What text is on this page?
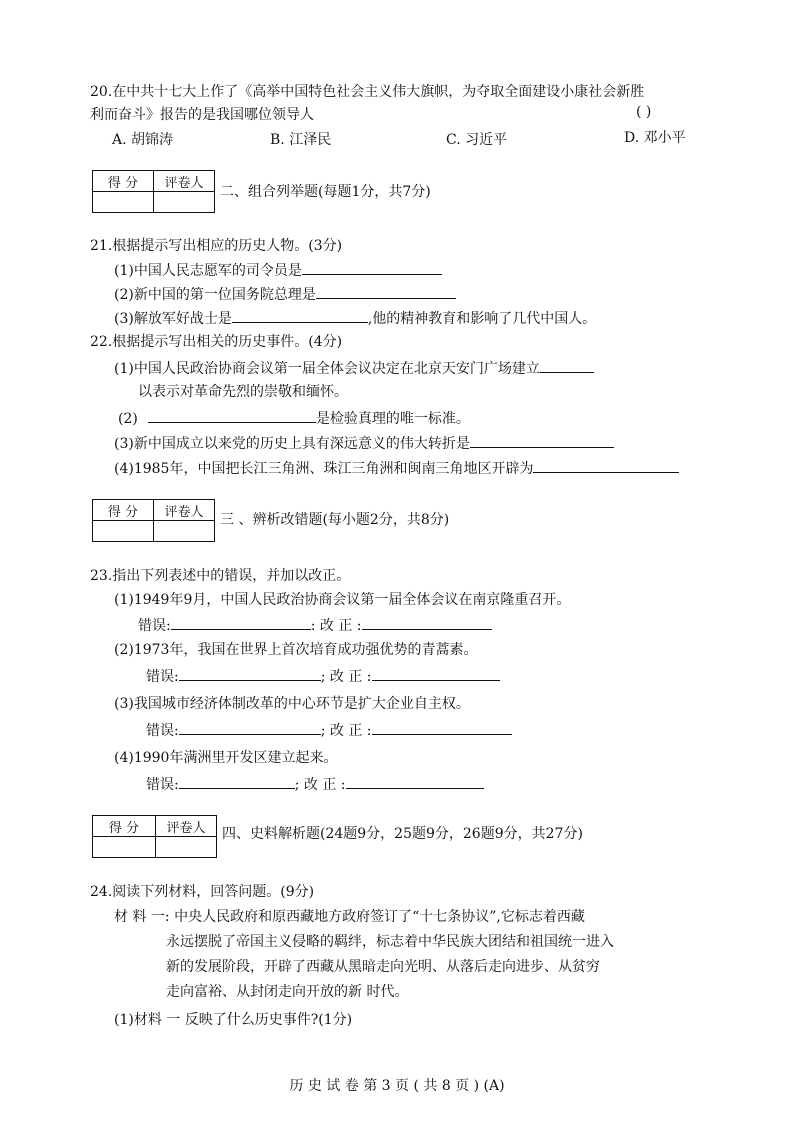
20.在中共十七大上作了《高举中国特色社会主义伟大旗帜，为夺取全面建设小康社会新胜
利而奋斗》报告的是我国哪位领导人	( )
A. 胡锦涛	B. 江泽民	C. 习近平	D. 邓小平
得 分	评卷人

二、组合列举题(每题1分，共7分)
21.根据提示写出相应的历史人物。(3分)
(1)中国人民志愿军的司令员是
(2)新中国的第一位国务院总理是
(3)解放军好战士是	,他的精神教育和影响了几代中国人。
22.根据提示写出相关的历史事件。(4分)
(1)中国人民政治协商会议第一届全体会议决定在北京天安门广场建立
以表示对革命先烈的崇敬和缅怀。
(2)	是检验真理的唯一标准。
(3)新中国成立以来党的历史上具有深远意义的伟大转折是
(4)1985年，中国把长江三角洲、珠江三角洲和闽南三角地区开辟为
得 分	评卷人
	三 、辨析改错题(每小题2分，共8分)
23.指出下列表述中的错误，并加以改正。
(1)1949年9月，中国人民政治协商会议第一届全体会议在南京隆重召开。
错误:	: 改 正 :
(2)1973年，我国在世界上首次培育成功强优势的青蒿素。
错误:	; 改 正 :
(3)我国城市经济体制改革的中心环节是扩大企业自主权。
错误:	; 改 正 :
(4)1990年满洲里开发区建立起来。
错误:	; 改 正 :
得 分	评卷人
	四、史料解析题(24题9分，25题9分，26题9分，共27分)
24.阅读下列材料，回答问题。(9分)
材 料 一: 中央人民政府和原西藏地方政府签订了“十七条协议”,它标志着西藏
永远摆脱了帝国主义侵略的羁绊，标志着中华民族大团结和祖国统一进入
新的发展阶段，开辟了西藏从黑暗走向光明、从落后走向进步、从贫穷
走向富裕、从封闭走向开放的新 时代。
(1)材料 一 反映了什么历史事件?(1分)
历 史 试 卷 第 3 页 ( 共 8 页 ) (A)
